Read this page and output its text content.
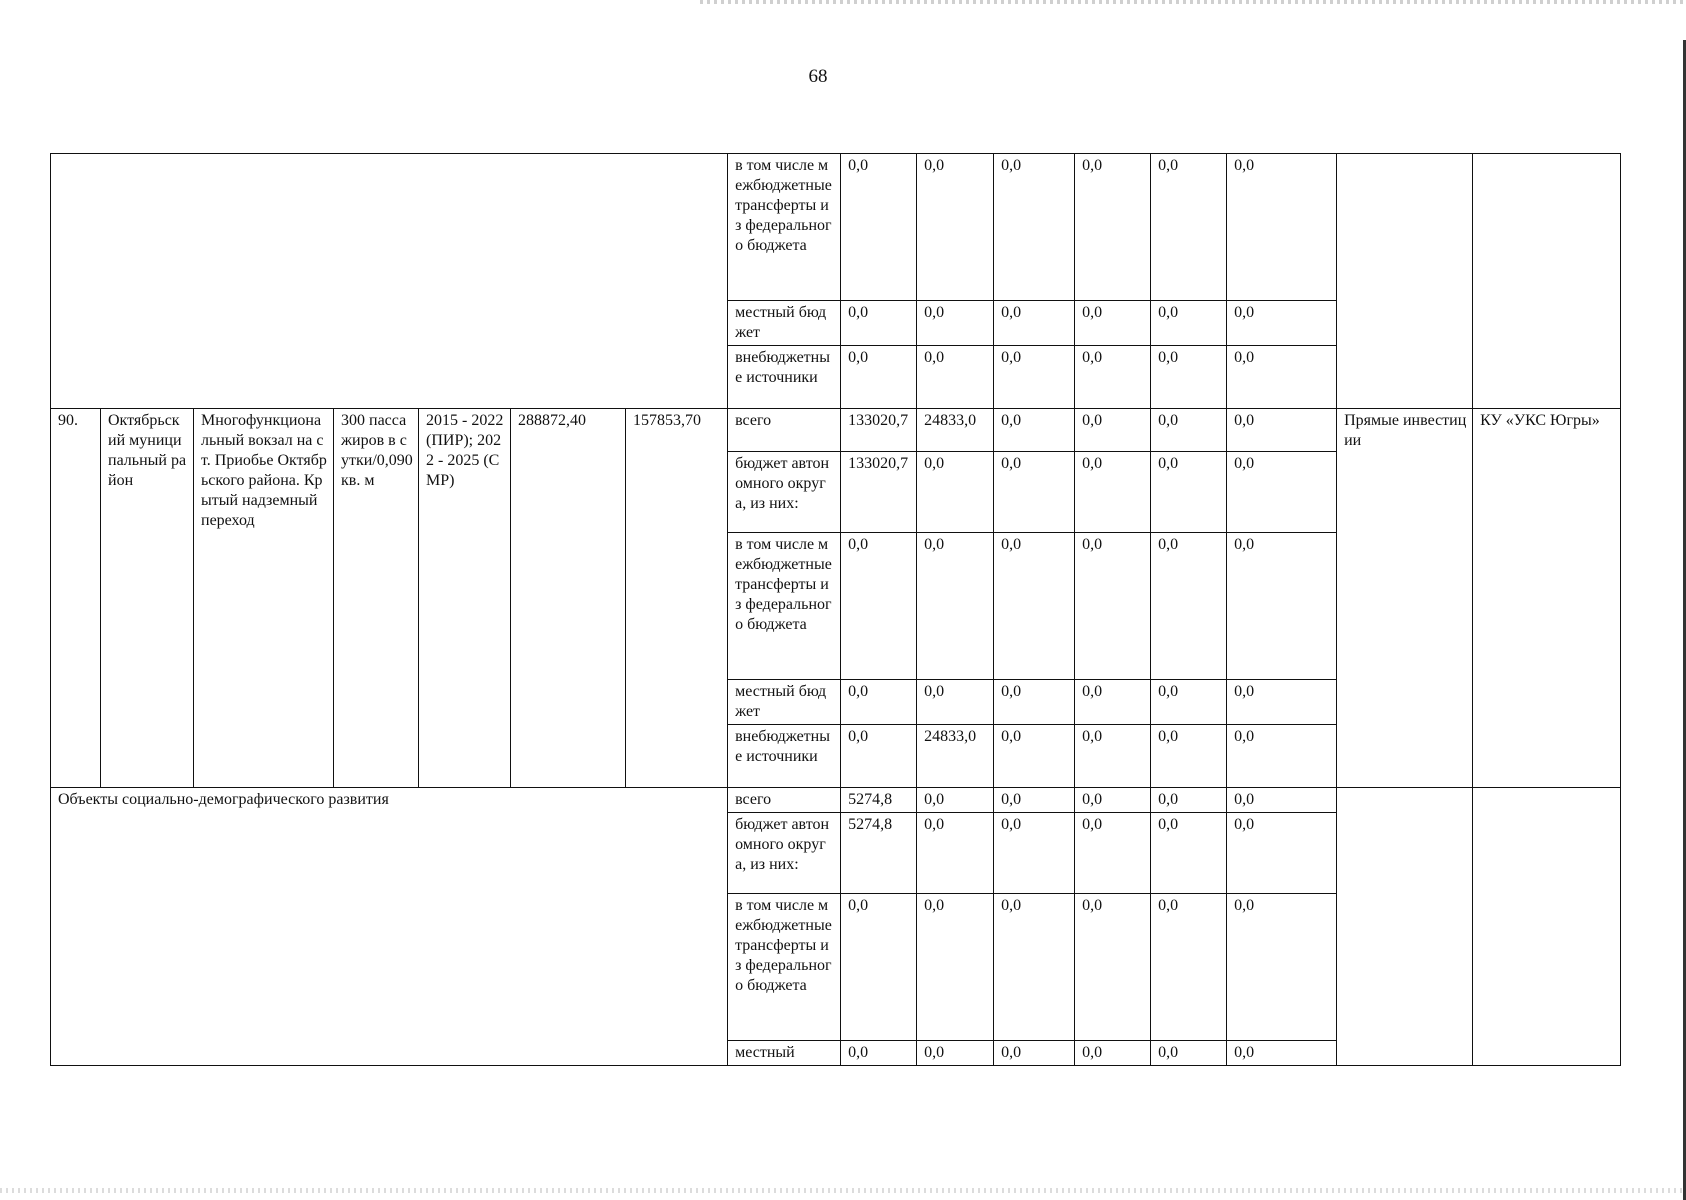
68
							в том числе межбюджетные трансферты из федерального бюджета	0,0	0,0	0,0	0,0	0,0	0,0		
							местный бюджет	0,0	0,0	0,0	0,0	0,0	0,0		
							внебюджетные источники	0,0	0,0	0,0	0,0	0,0	0,0		
90.	Октябрьский муниципальный район	Многофункциональный вокзал на ст. Приобье Октябрьского района. Крытый надземный переход	300 пассажиров в сутки/0,090 кв. м	2015 - 2022 (ПИР); 2022 - 2025 (СМР)	288872,40	157853,70	всего	133020,7	24833,0	0,0	0,0	0,0	0,0	Прямые инвестиции	КУ «УКС Югры»
							бюджет автономного округа, из них:	133020,7	0,0	0,0	0,0	0,0	0,0		
							в том числе межбюджетные трансферты из федерального бюджета	0,0	0,0	0,0	0,0	0,0	0,0		
							местный бюджет	0,0	0,0	0,0	0,0	0,0	0,0		
							внебюджетные источники	0,0	24833,0	0,0	0,0	0,0	0,0		
Объекты социально-демографического развития							всего	5274,8	0,0	0,0	0,0	0,0	0,0		
							бюджет автономного округа, из них:	5274,8	0,0	0,0	0,0	0,0	0,0		
							в том числе межбюджетные трансферты из федерального бюджета	0,0	0,0	0,0	0,0	0,0	0,0		
							местный	0,0	0,0	0,0	0,0	0,0	0,0		
